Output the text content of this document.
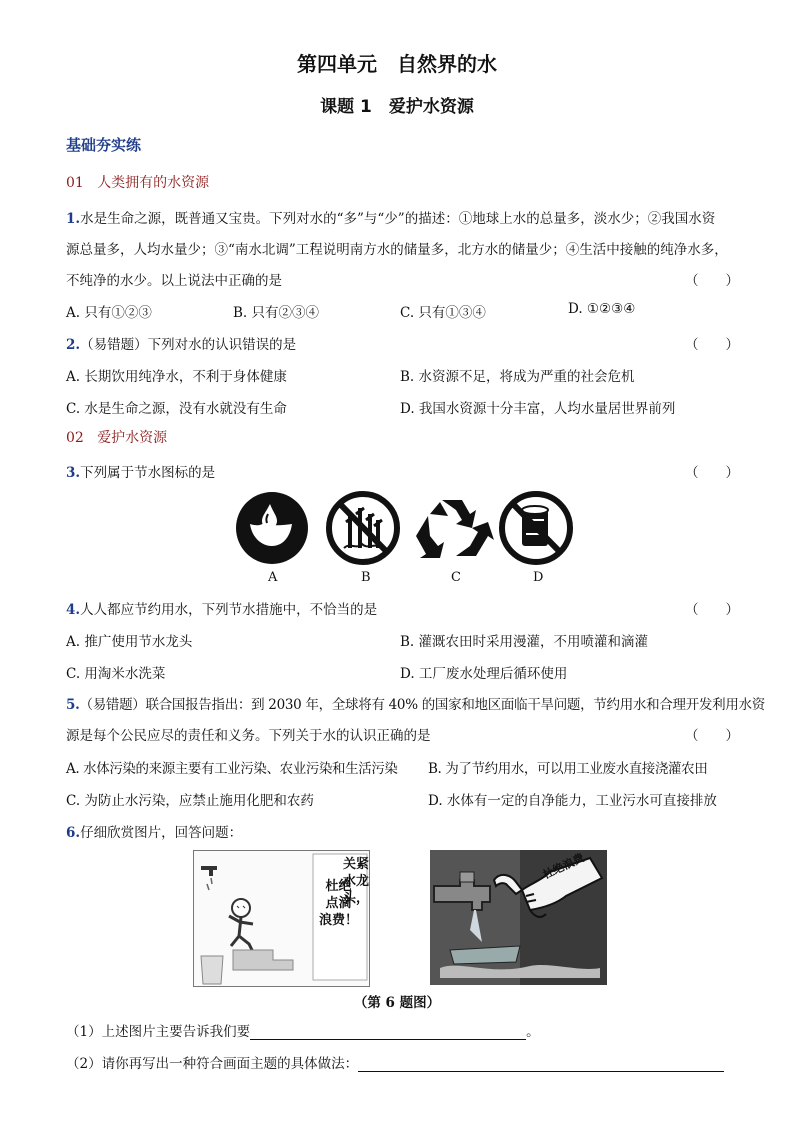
第四单元　自然界的水
课题 1　爱护水资源
基础夯实练
01 人类拥有的水资源
1.水是生命之源，既普通又宝贵。下列对水的“多”与“少”的描述：①地球上水的总量多，淡水少；②我国水资
源总量多，人均水量少；③“南水北调”工程说明南方水的储量多，北方水的储量少；④生活中接触的纯净水多，
不纯净的水少。以上说法中正确的是	（　　）
A. 只有①②③	B. 只有②③④	C. 只有①③④	D. ①②③④
2.（易错题）下列对水的认识错误的是	（　　）
A. 长期饮用纯净水，不利于身体健康	B. 水资源不足，将成为严重的社会危机
C. 水是生命之源，没有水就没有生命	D. 我国水资源十分丰富，人均水量居世界前列
02 爱护水资源
3.下列属于节水图标的是	（　　）
A	B	C	D
4.人人都应节约用水，下列节水措施中，不恰当的是	（　　）
A. 推广使用节水龙头	B. 灌溉农田时采用漫灌，不用喷灌和滴灌
C. 用淘米水洗菜	D. 工厂废水处理后循环使用
5.（易错题）联合国报告指出：到 2030 年，全球将有 40% 的国家和地区面临干旱问题，节约用水和合理开发利用水资
源是每个公民应尽的责任和义务。下列关于水的认识正确的是	（　　）
A. 水体污染的来源主要有工业污染、农业污染和生活污染 B. 为了节约用水，可以用工业废水直接浇灌农田
C. 为防止水污染，应禁止施用化肥和农药	D. 水体有一定的自净能力，工业污水可直接排放
6.仔细欣赏图片，回答问题：
关紧
水龙
头，
杜绝
点滴
浪费！
杜绝浪费
（第 6 题图）
（1）上述图片主要告诉我们要	。
（2）请你再写出一种符合画面主题的具体做法：
